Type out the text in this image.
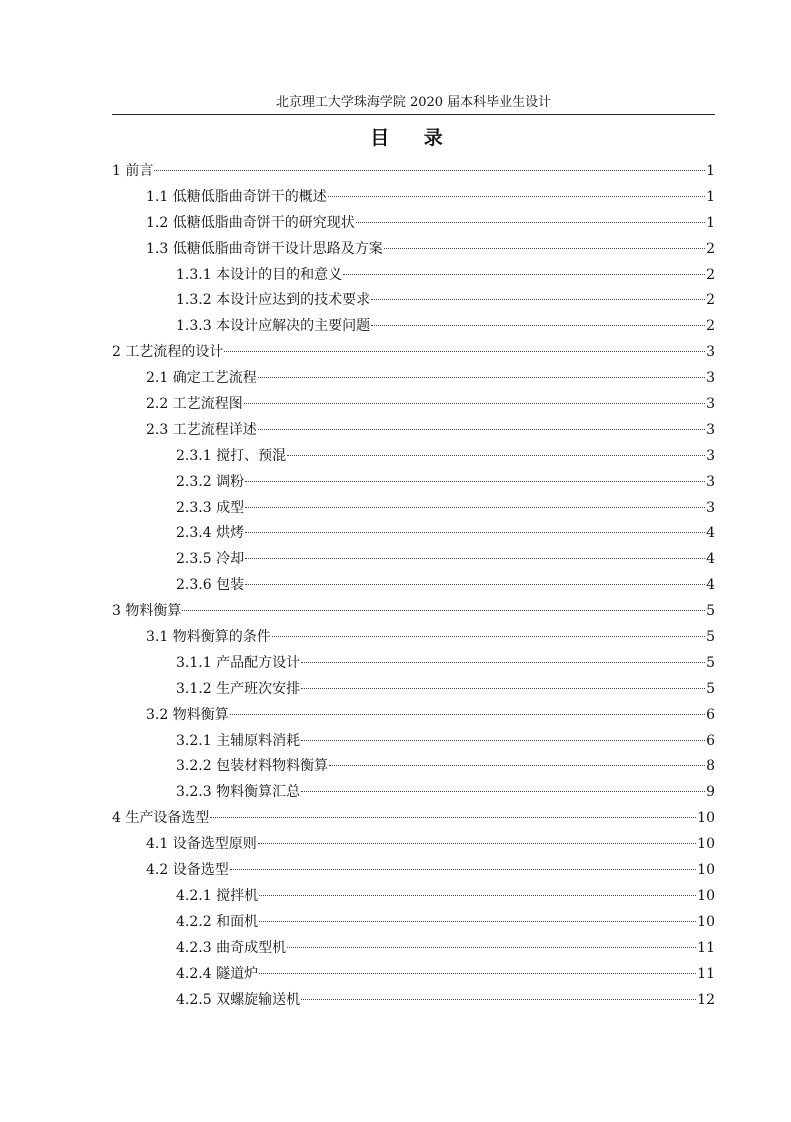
北京理工大学珠海学院 2020 届本科毕业生设计
目 录
1 前言	1
1.1 低糖低脂曲奇饼干的概述	1
1.2 低糖低脂曲奇饼干的研究现状	1
1.3 低糖低脂曲奇饼干设计思路及方案	2
1.3.1 本设计的目的和意义	2
1.3.2 本设计应达到的技术要求	2
1.3.3 本设计应解决的主要问题	2
2 工艺流程的设计	3
2.1 确定工艺流程	3
2.2 工艺流程图	3
2.3 工艺流程详述	3
2.3.1 搅打、预混	3
2.3.2 调粉	3
2.3.3 成型	3
2.3.4 烘烤	4
2.3.5 冷却	4
2.3.6 包装	4
3 物料衡算	5
3.1 物料衡算的条件	5
3.1.1 产品配方设计	5
3.1.2 生产班次安排	5
3.2 物料衡算	6
3.2.1 主辅原料消耗	6
3.2.2 包装材料物料衡算	8
3.2.3 物料衡算汇总	9
4 生产设备选型	10
4.1 设备选型原则	10
4.2 设备选型	10
4.2.1 搅拌机	10
4.2.2 和面机	10
4.2.3 曲奇成型机	11
4.2.4 隧道炉	11
4.2.5 双螺旋输送机	12
